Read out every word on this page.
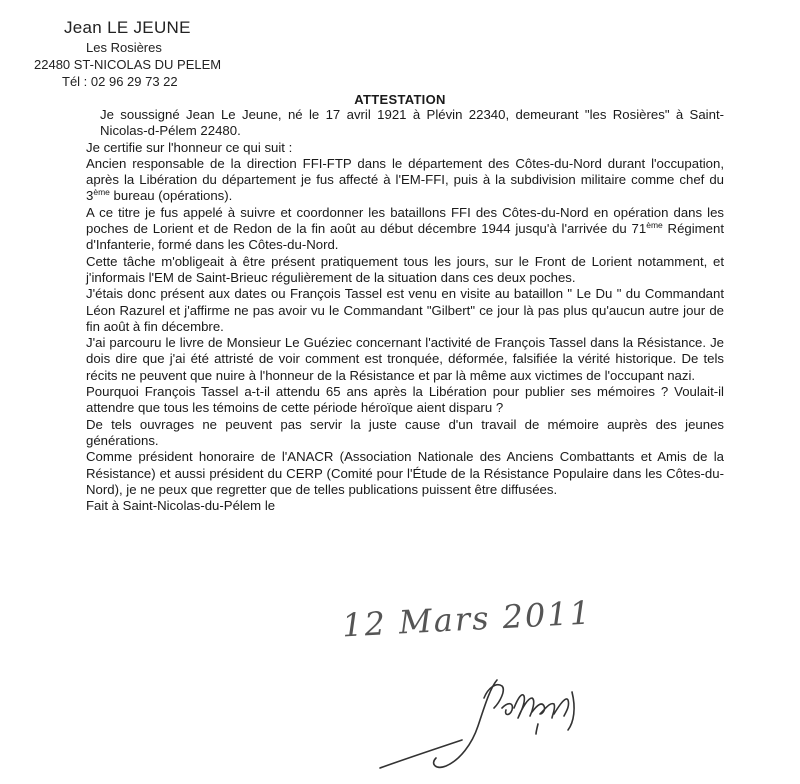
Jean LE JEUNE
Les Rosières
22480 ST-NICOLAS DU PELEM
Tél : 02 96 29 73 22
ATTESTATION

Je soussigné Jean Le Jeune, né le 17 avril 1921 à Plévin 22340, demeurant "les Rosières" à Saint-Nicolas-d-Pélem 22480.

Je certifie sur l'honneur ce qui suit :

Ancien responsable de la direction FFI-FTP dans le département des Côtes-du-Nord durant l'occupation, après la Libération du département je fus affecté à l'EM-FFI, puis à la subdivision militaire comme chef du 3ème bureau (opérations).

A ce titre je fus appelé à suivre et coordonner les bataillons FFI des Côtes-du-Nord en opération dans les poches de Lorient et de Redon de la fin août au début décembre 1944 jusqu'à l'arrivée du 71ème Régiment d'Infanterie, formé dans les Côtes-du-Nord.

Cette tâche m'obligeait à être présent pratiquement tous les jours, sur le Front de Lorient notamment, et j'informais l'EM de Saint-Brieuc régulièrement de la situation dans ces deux poches.

J'étais donc présent aux dates ou François Tassel est venu en visite au bataillon " Le Du " du Commandant Léon Razurel et j'affirme ne pas avoir vu le Commandant "Gilbert" ce jour là pas plus qu'aucun autre jour de fin août à fin décembre.

J'ai parcouru le livre de Monsieur Le Guéziec concernant l'activité de François Tassel dans la Résistance. Je dois dire que j'ai été attristé de voir comment est tronquée, déformée, falsifiée la vérité historique. De tels récits ne peuvent que nuire à l'honneur de la Résistance et par là même aux victimes de l'occupant nazi.

Pourquoi François Tassel a-t-il attendu 65 ans après la Libération pour publier ses mémoires ? Voulait-il attendre que tous les témoins de cette période héroïque aient disparu ?

De tels ouvrages ne peuvent pas servir la juste cause d'un travail de mémoire auprès des jeunes générations.

Comme président honoraire de l'ANACR (Association Nationale des Anciens Combattants et Amis de la Résistance) et aussi président du CERP (Comité pour l'Étude de la Résistance Populaire dans les Côtes-du-Nord), je ne peux que regretter que de telles publications puissent être diffusées.

Fait à Saint-Nicolas-du-Pélem le

12 Mars 2011
